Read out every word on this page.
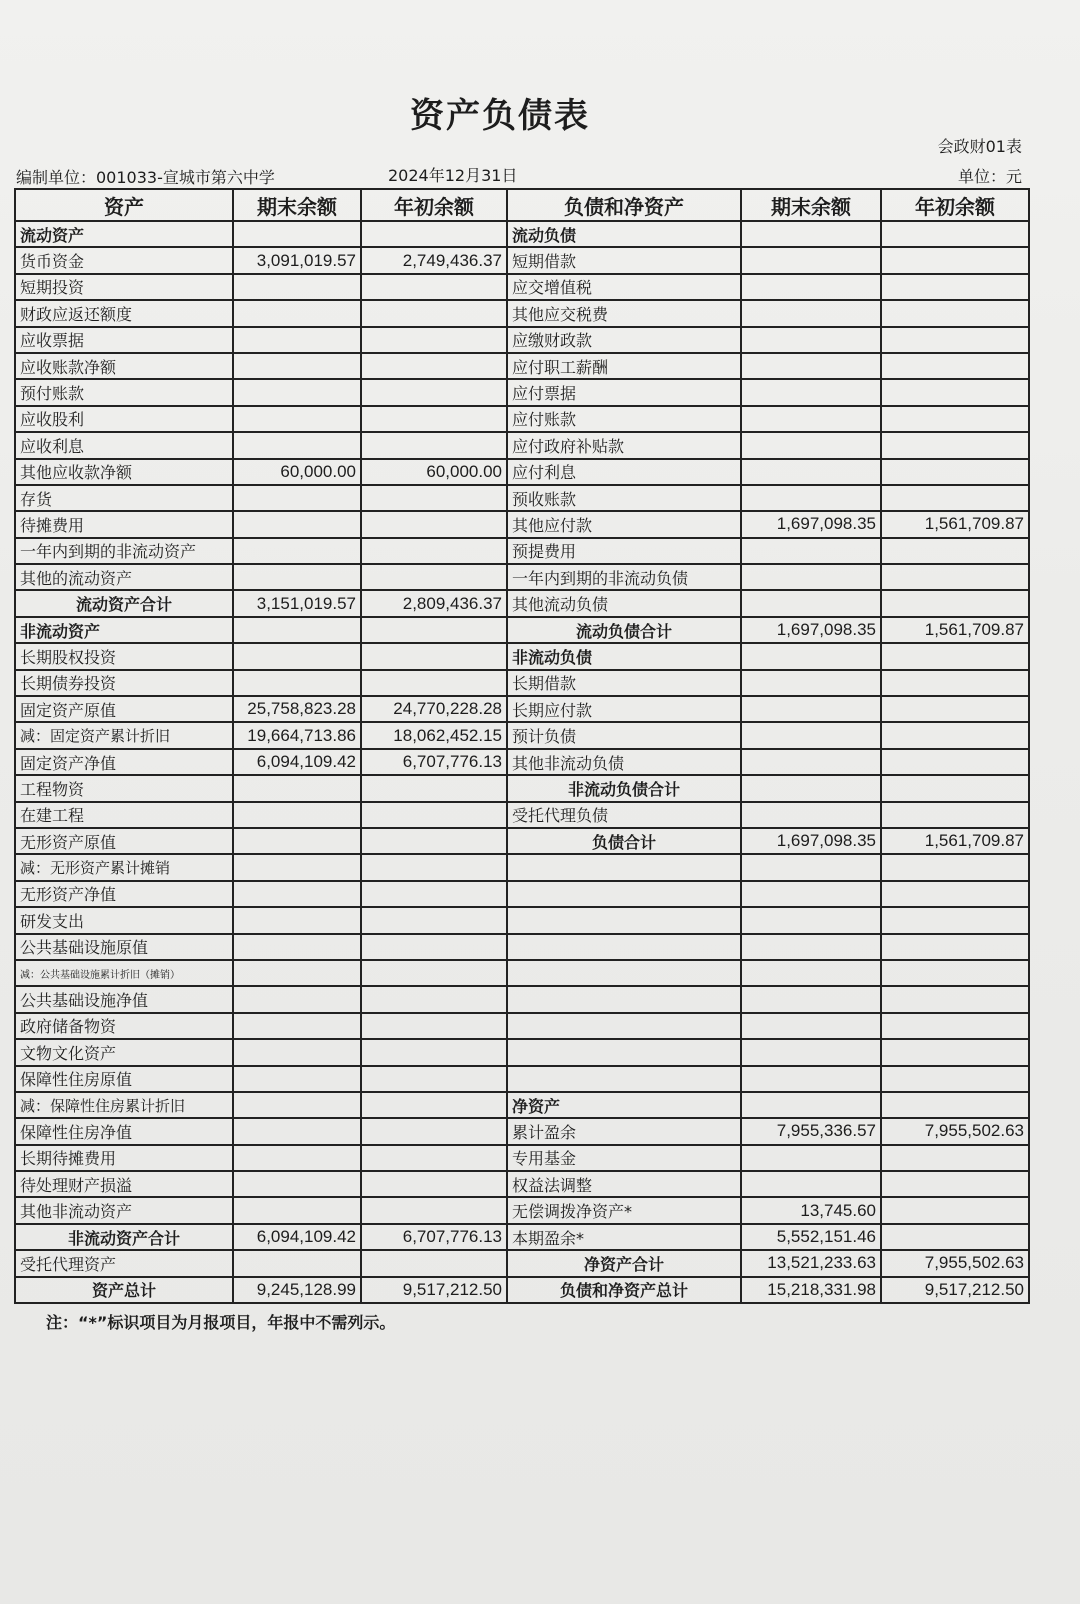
资产负债表
会政财01表
编制单位：001033-宣城市第六中学	2024年12月31日	单位：元
资产	期末余额	年初余额	负债和净资产	期末余额	年初余额
流动资产			流动负债		
货币资金	3,091,019.57	2,749,436.37	短期借款		
短期投资			应交增值税		
财政应返还额度			其他应交税费		
应收票据			应缴财政款		
应收账款净额			应付职工薪酬		
预付账款			应付票据		
应收股利			应付账款		
应收利息			应付政府补贴款		
其他应收款净额	60,000.00	60,000.00	应付利息		
存货			预收账款		
待摊费用			其他应付款	1,697,098.35	1,561,709.87
一年内到期的非流动资产			预提费用		
其他的流动资产			一年内到期的非流动负债		
流动资产合计	3,151,019.57	2,809,436.37	其他流动负债		
非流动资产			流动负债合计	1,697,098.35	1,561,709.87
长期股权投资			非流动负债		
长期债券投资			长期借款		
固定资产原值	25,758,823.28	24,770,228.28	长期应付款		
减：固定资产累计折旧	19,664,713.86	18,062,452.15	预计负债		
固定资产净值	6,094,109.42	6,707,776.13	其他非流动负债		
工程物资			非流动负债合计		
在建工程			受托代理负债		
无形资产原值			负债合计	1,697,098.35	1,561,709.87
减：无形资产累计摊销					
无形资产净值					
研发支出					
公共基础设施原值					
减：公共基础设施累计折旧（摊销）					
公共基础设施净值					
政府储备物资					
文物文化资产					
保障性住房原值					
减：保障性住房累计折旧			净资产		
保障性住房净值			累计盈余	7,955,336.57	7,955,502.63
长期待摊费用			专用基金		
待处理财产损溢			权益法调整		
其他非流动资产			无偿调拨净资产*	13,745.60	
非流动资产合计	6,094,109.42	6,707,776.13	本期盈余*	5,552,151.46	
受托代理资产			净资产合计	13,521,233.63	7,955,502.63
资产总计	9,245,128.99	9,517,212.50	负债和净资产总计	15,218,331.98	9,517,212.50
注：“*”标识项目为月报项目，年报中不需列示。
